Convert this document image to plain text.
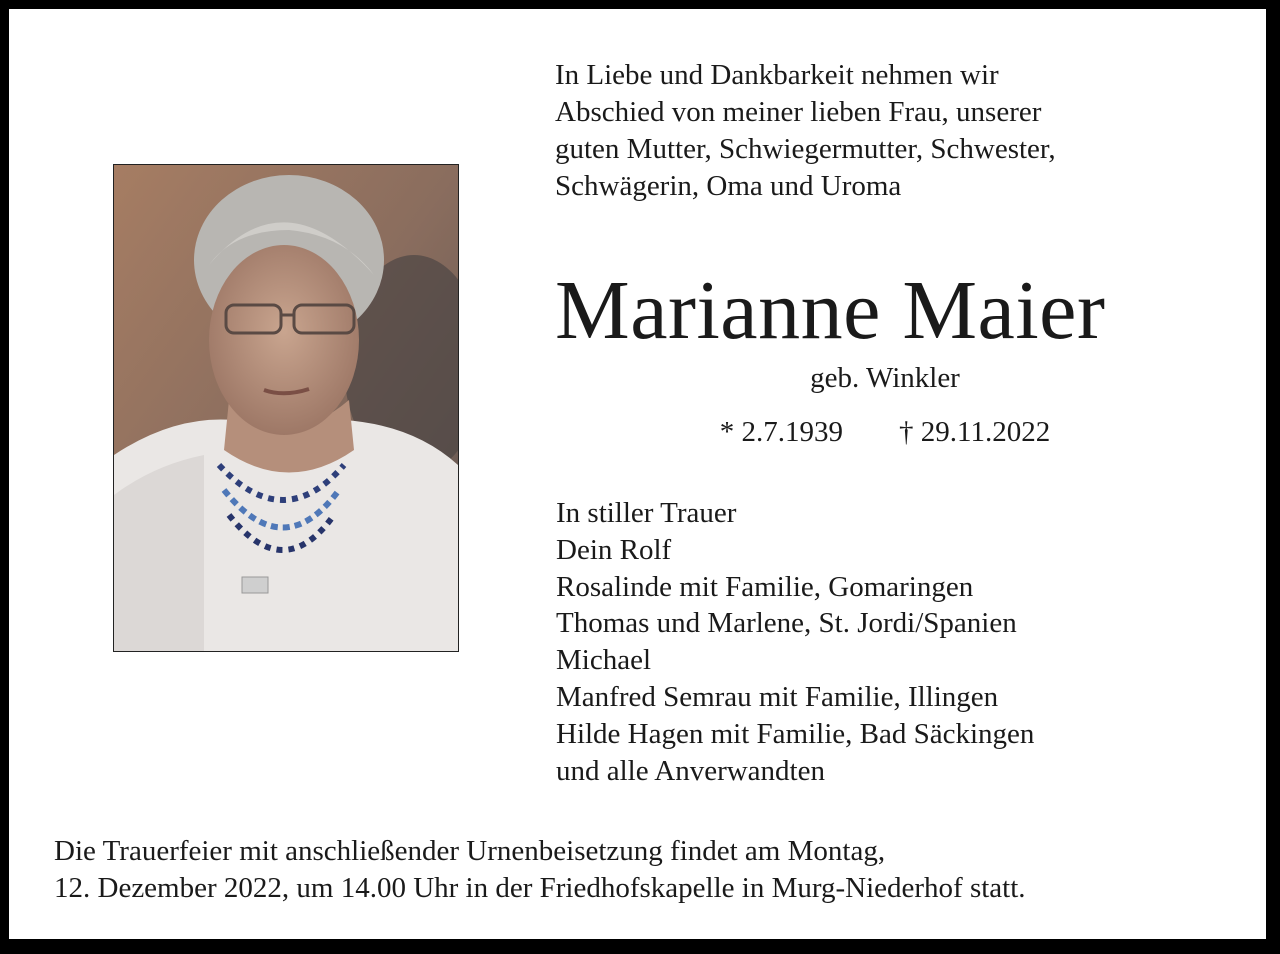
In Liebe und Dankbarkeit nehmen wir
Abschied von meiner lieben Frau, unserer
guten Mutter, Schwiegermutter, Schwester,
Schwägerin, Oma und Uroma

Marianne Maier
geb. Winkler
* 2.7.1939 † 29.11.2022
In stiller Trauer
Dein Rolf
Rosalinde mit Familie, Gomaringen
Thomas und Marlene, St. Jordi/Spanien
Michael
Manfred Semrau mit Familie, Illingen
Hilde Hagen mit Familie, Bad Säckingen
und alle Anverwandten

Die Trauerfeier mit anschließender Urnenbeisetzung findet am Montag,
12. Dezember 2022, um 14.00 Uhr in der Friedhofskapelle in Murg-Niederhof statt.
